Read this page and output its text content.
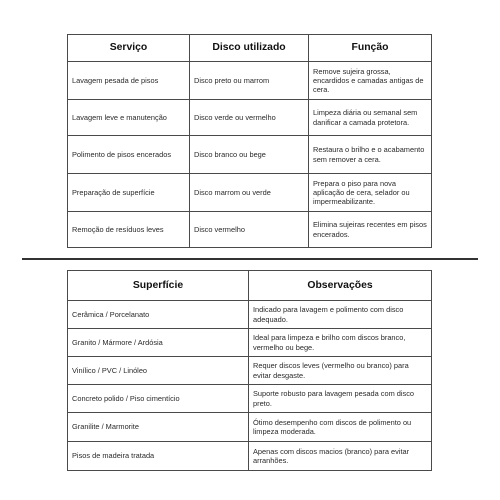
Serviço	Disco utilizado	Função
Lavagem pesada de pisos	Disco preto ou marrom	Remove sujeira grossa, encardidos e camadas antigas de cera.
Lavagem leve e manutenção	Disco verde ou vermelho	Limpeza diária ou semanal sem danificar a camada protetora.
Polimento de pisos encerados	Disco branco ou bege	Restaura o brilho e o acabamento sem remover a cera.
Preparação de superfície	Disco marrom ou verde	Prepara o piso para nova aplicação de cera, selador ou impermeabilizante.
Remoção de resíduos leves	Disco vermelho	Elimina sujeiras recentes em pisos encerados.
Superfície	Observações
Cerâmica / Porcelanato	Indicado para lavagem e polimento com disco adequado.
Granito / Mármore / Ardósia	Ideal para limpeza e brilho com discos branco, vermelho ou bege.
Vinílico / PVC / Linóleo	Requer discos leves (vermelho ou branco) para evitar desgaste.
Concreto polido / Piso cimentício	Suporte robusto para lavagem pesada com disco preto.
Granilite / Marmorite	Ótimo desempenho com discos de polimento ou limpeza moderada.
Pisos de madeira tratada	Apenas com discos macios (branco) para evitar arranhões.
